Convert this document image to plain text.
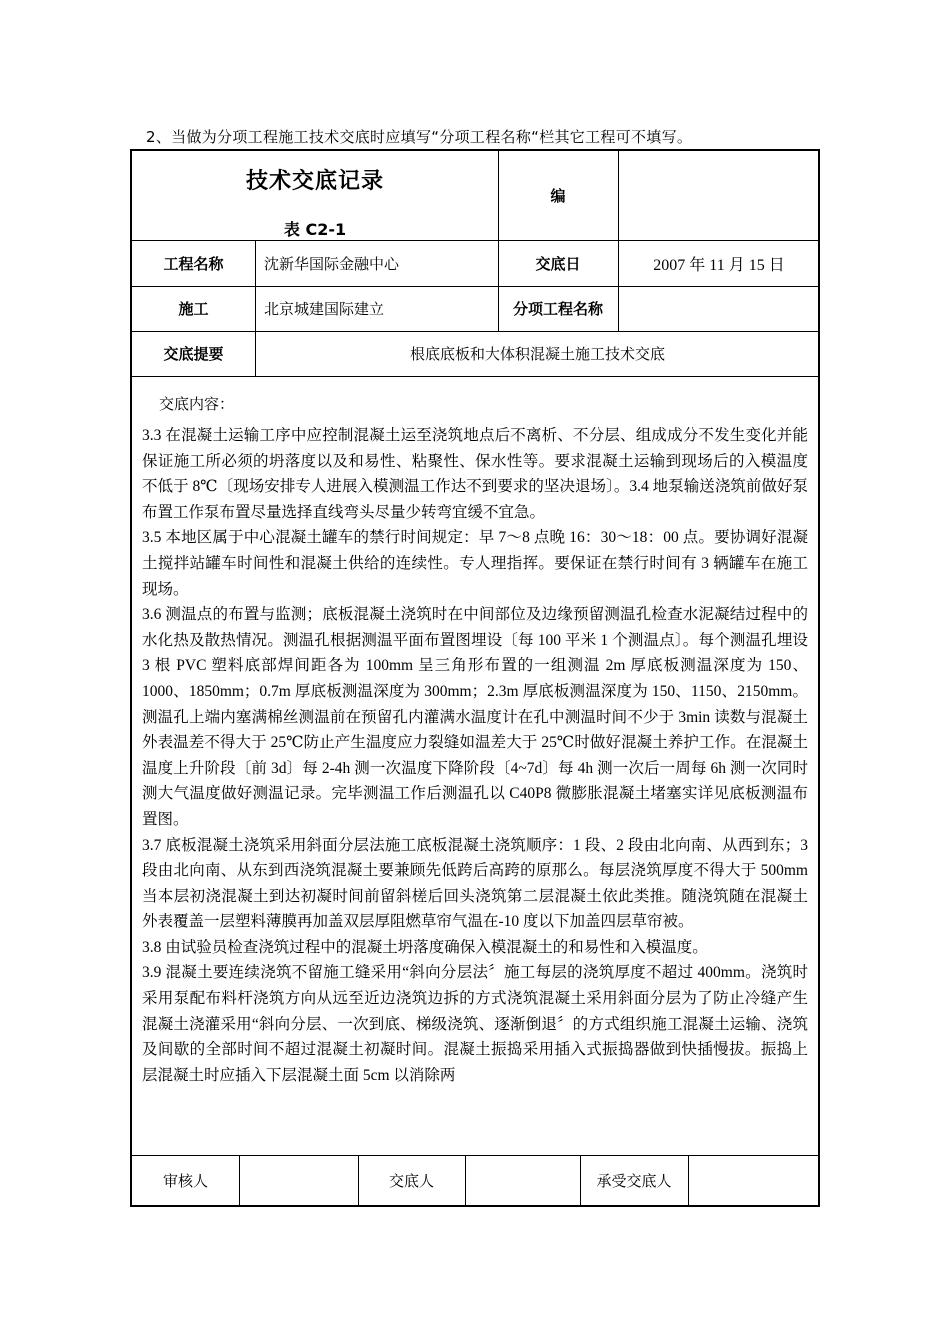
2、当做为分项工程施工技术交底时应填写“分项工程名称“栏其它工程可不填写。
技术交底记录
表 C2-1
编
工程名称	沈新华国际金融中心	交底日	2007 年 11 月 15 日
施工	北京城建国际建立	分项工程名称
交底提要	根底底板和大体积混凝土施工技术交底
交底内容：

3.3 在混凝土运输工序中应控制混凝土运至浇筑地点后不离析、不分层、组成成分不发生变化并能保证施工所必须的坍落度以及和易性、粘聚性、保水性等。要求混凝土运输到现场后的入模温度不低于 8℃〔现场安排专人进展入模测温工作达不到要求的坚决退场〕。3.4 地泵输送浇筑前做好泵布置工作泵布置尽量选择直线弯头尽量少转弯宜缓不宜急。

3.5 本地区属于中心混凝土罐车的禁行时间规定：早 7～8 点晚 16：30～18：00 点。要协调好混凝土搅拌站罐车时间性和混凝土供给的连续性。专人理指挥。要保证在禁行时间有 3 辆罐车在施工现场。

3.6 测温点的布置与监测；底板混凝土浇筑时在中间部位及边缘预留测温孔检查水泥凝结过程中的水化热及散热情况。测温孔根据测温平面布置图埋设〔每 100 平米 1 个测温点〕。每个测温孔埋设 3 根 PVC 塑料底部焊间距各为 100mm 呈三角形布置的一组测温 2m 厚底板测温深度为 150、1000、1850mm；0.7m 厚底板测温深度为 300mm；2.3m 厚底板测温深度为 150、1150、2150mm。测温孔上端内塞满棉丝测温前在预留孔内灌满水温度计在孔中测温时间不少于 3min 读数与混凝土外表温差不得大于 25℃防止产生温度应力裂缝如温差大于 25℃时做好混凝土养护工作。在混凝土温度上升阶段〔前 3d〕每 2-4h 测一次温度下降阶段〔4~7d〕每 4h 测一次后一周每 6h 测一次同时测大气温度做好测温记录。完毕测温工作后测温孔以 C40P8 微膨胀混凝土堵塞实详见底板测温布置图。

3.7 底板混凝土浇筑采用斜面分层法施工底板混凝土浇筑顺序：1 段、2 段由北向南、从西到东；3 段由北向南、从东到西浇筑混凝土要兼顾先低跨后高跨的原那么。每层浇筑厚度不得大于 500mm 当本层初浇混凝土到达初凝时间前留斜槎后回头浇筑第二层混凝土依此类推。随浇筑随在混凝土外表覆盖一层塑料薄膜再加盖双层厚阻燃草帘气温在-10 度以下加盖四层草帘被。

3.8 由试验员检查浇筑过程中的混凝土坍落度确保入模混凝土的和易性和入模温度。

3.9 混凝土要连续浇筑不留施工缝采用“斜向分层法〞施工每层的浇筑厚度不超过 400mm。浇筑时采用泵配布料杆浇筑方向从远至近边浇筑边拆的方式浇筑混凝土采用斜面分层为了防止冷缝产生混凝土浇灌采用“斜向分层、一次到底、梯级浇筑、逐渐倒退〞的方式组织施工混凝土运输、浇筑及间歇的全部时间不超过混凝土初凝时间。混凝土振捣采用插入式振捣器做到快插慢拔。振捣上层混凝土时应插入下层混凝土面 5cm 以消除两

审核人	交底人	承受交底人
